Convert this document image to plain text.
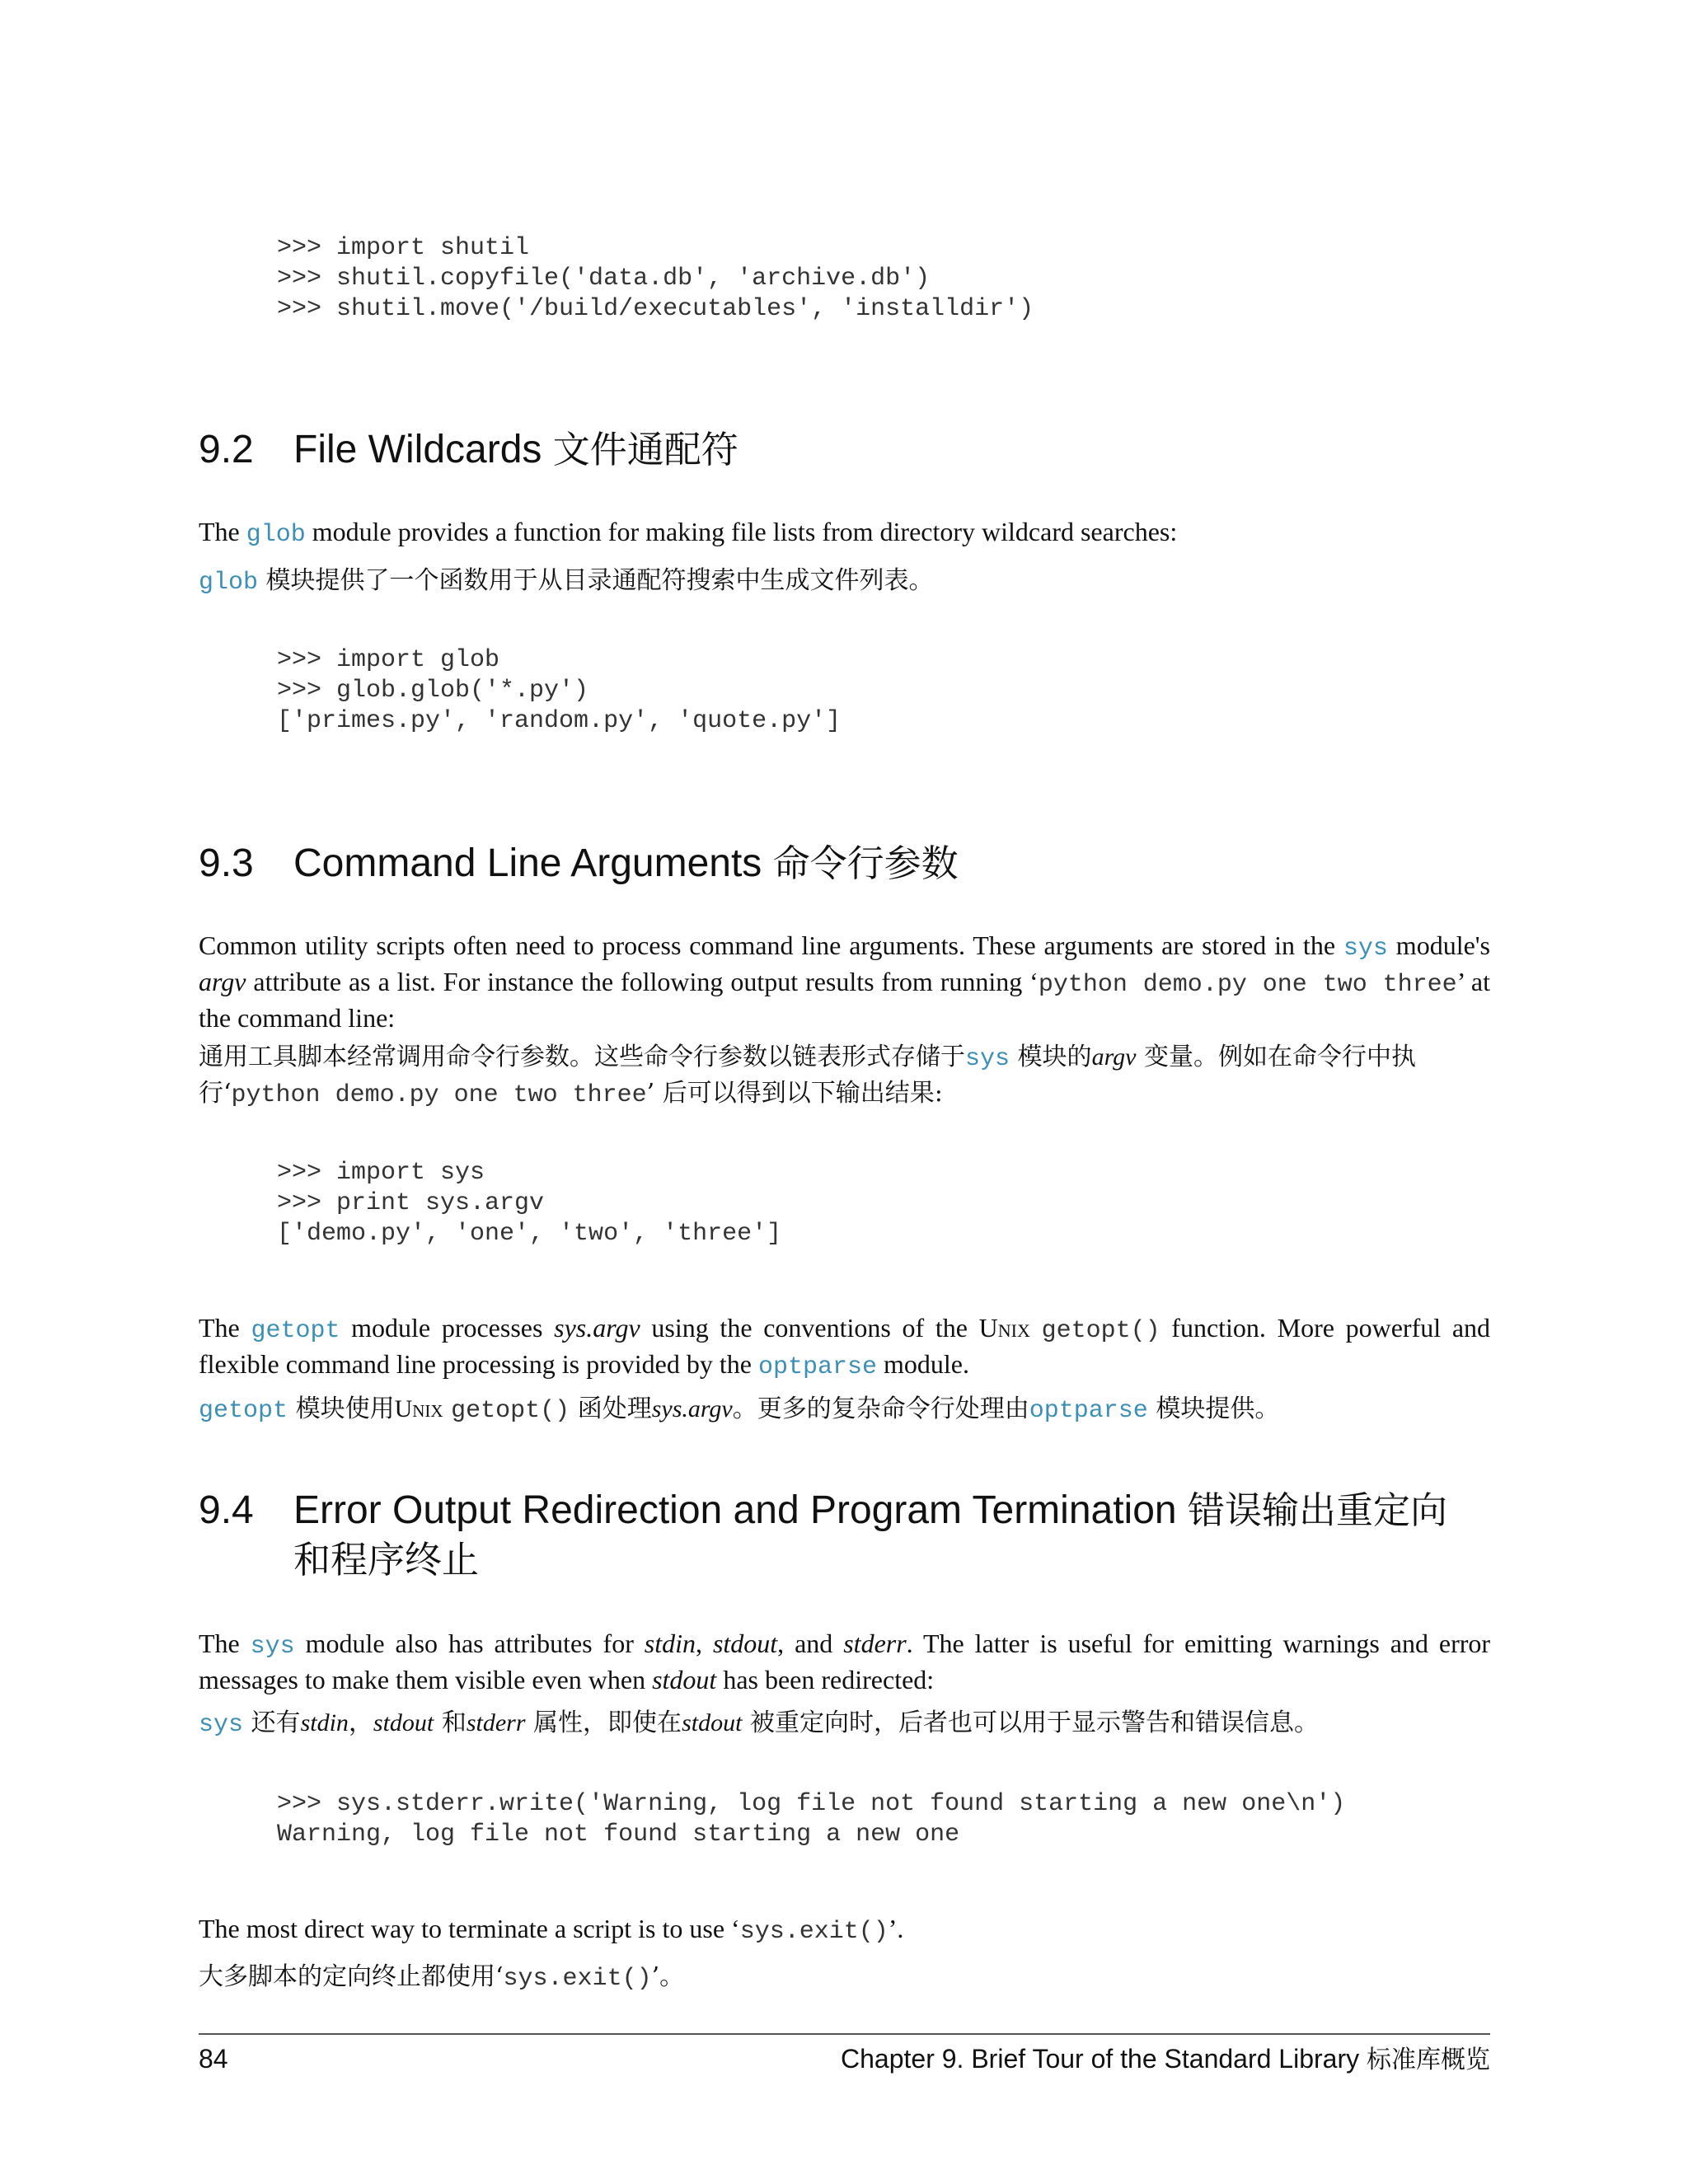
>>> import shutil
>>> shutil.copyfile('data.db', 'archive.db')
>>> shutil.move('/build/executables', 'installdir')
9.2 File Wildcards 文件通配符

The glob module provides a function for making file lists from directory wildcard searches:

glob 模块提供了一个函数用于从目录通配符搜索中生成文件列表。

>>> import glob
>>> glob.glob('*.py')
['primes.py', 'random.py', 'quote.py']
9.3 Command Line Arguments 命令行参数

Common utility scripts often need to process command line arguments. These arguments are stored in the sys module's argv attribute as a list. For instance the following output results from running ‘python demo.py one two three’ at the command line:

通用工具脚本经常调用命令行参数。这些命令行参数以链表形式存储于sys 模块的argv 变量。例如在命令行中执行‘python demo.py one two three’ 后可以得到以下输出结果:

>>> import sys
>>> print sys.argv
['demo.py', 'one', 'two', 'three']

The getopt module processes sys.argv using the conventions of the Unix getopt() function. More powerful and flexible command line processing is provided by the optparse module.

getopt 模块使用Unix getopt() 函处理sys.argv。更多的复杂命令行处理由optparse 模块提供。

9.4 Error Output Redirection and Program Termination 错误输出重定向
和程序终止

The sys module also has attributes for stdin, stdout, and stderr. The latter is useful for emitting warnings and error messages to make them visible even when stdout has been redirected:

sys 还有stdin，stdout 和stderr 属性，即使在stdout 被重定向时，后者也可以用于显示警告和错误信息。

>>> sys.stderr.write('Warning, log file not found starting a new one\n')
Warning, log file not found starting a new one

The most direct way to terminate a script is to use ‘sys.exit()’.

大多脚本的定向终止都使用‘sys.exit()’。

84	Chapter 9. Brief Tour of the Standard Library 标准库概览
